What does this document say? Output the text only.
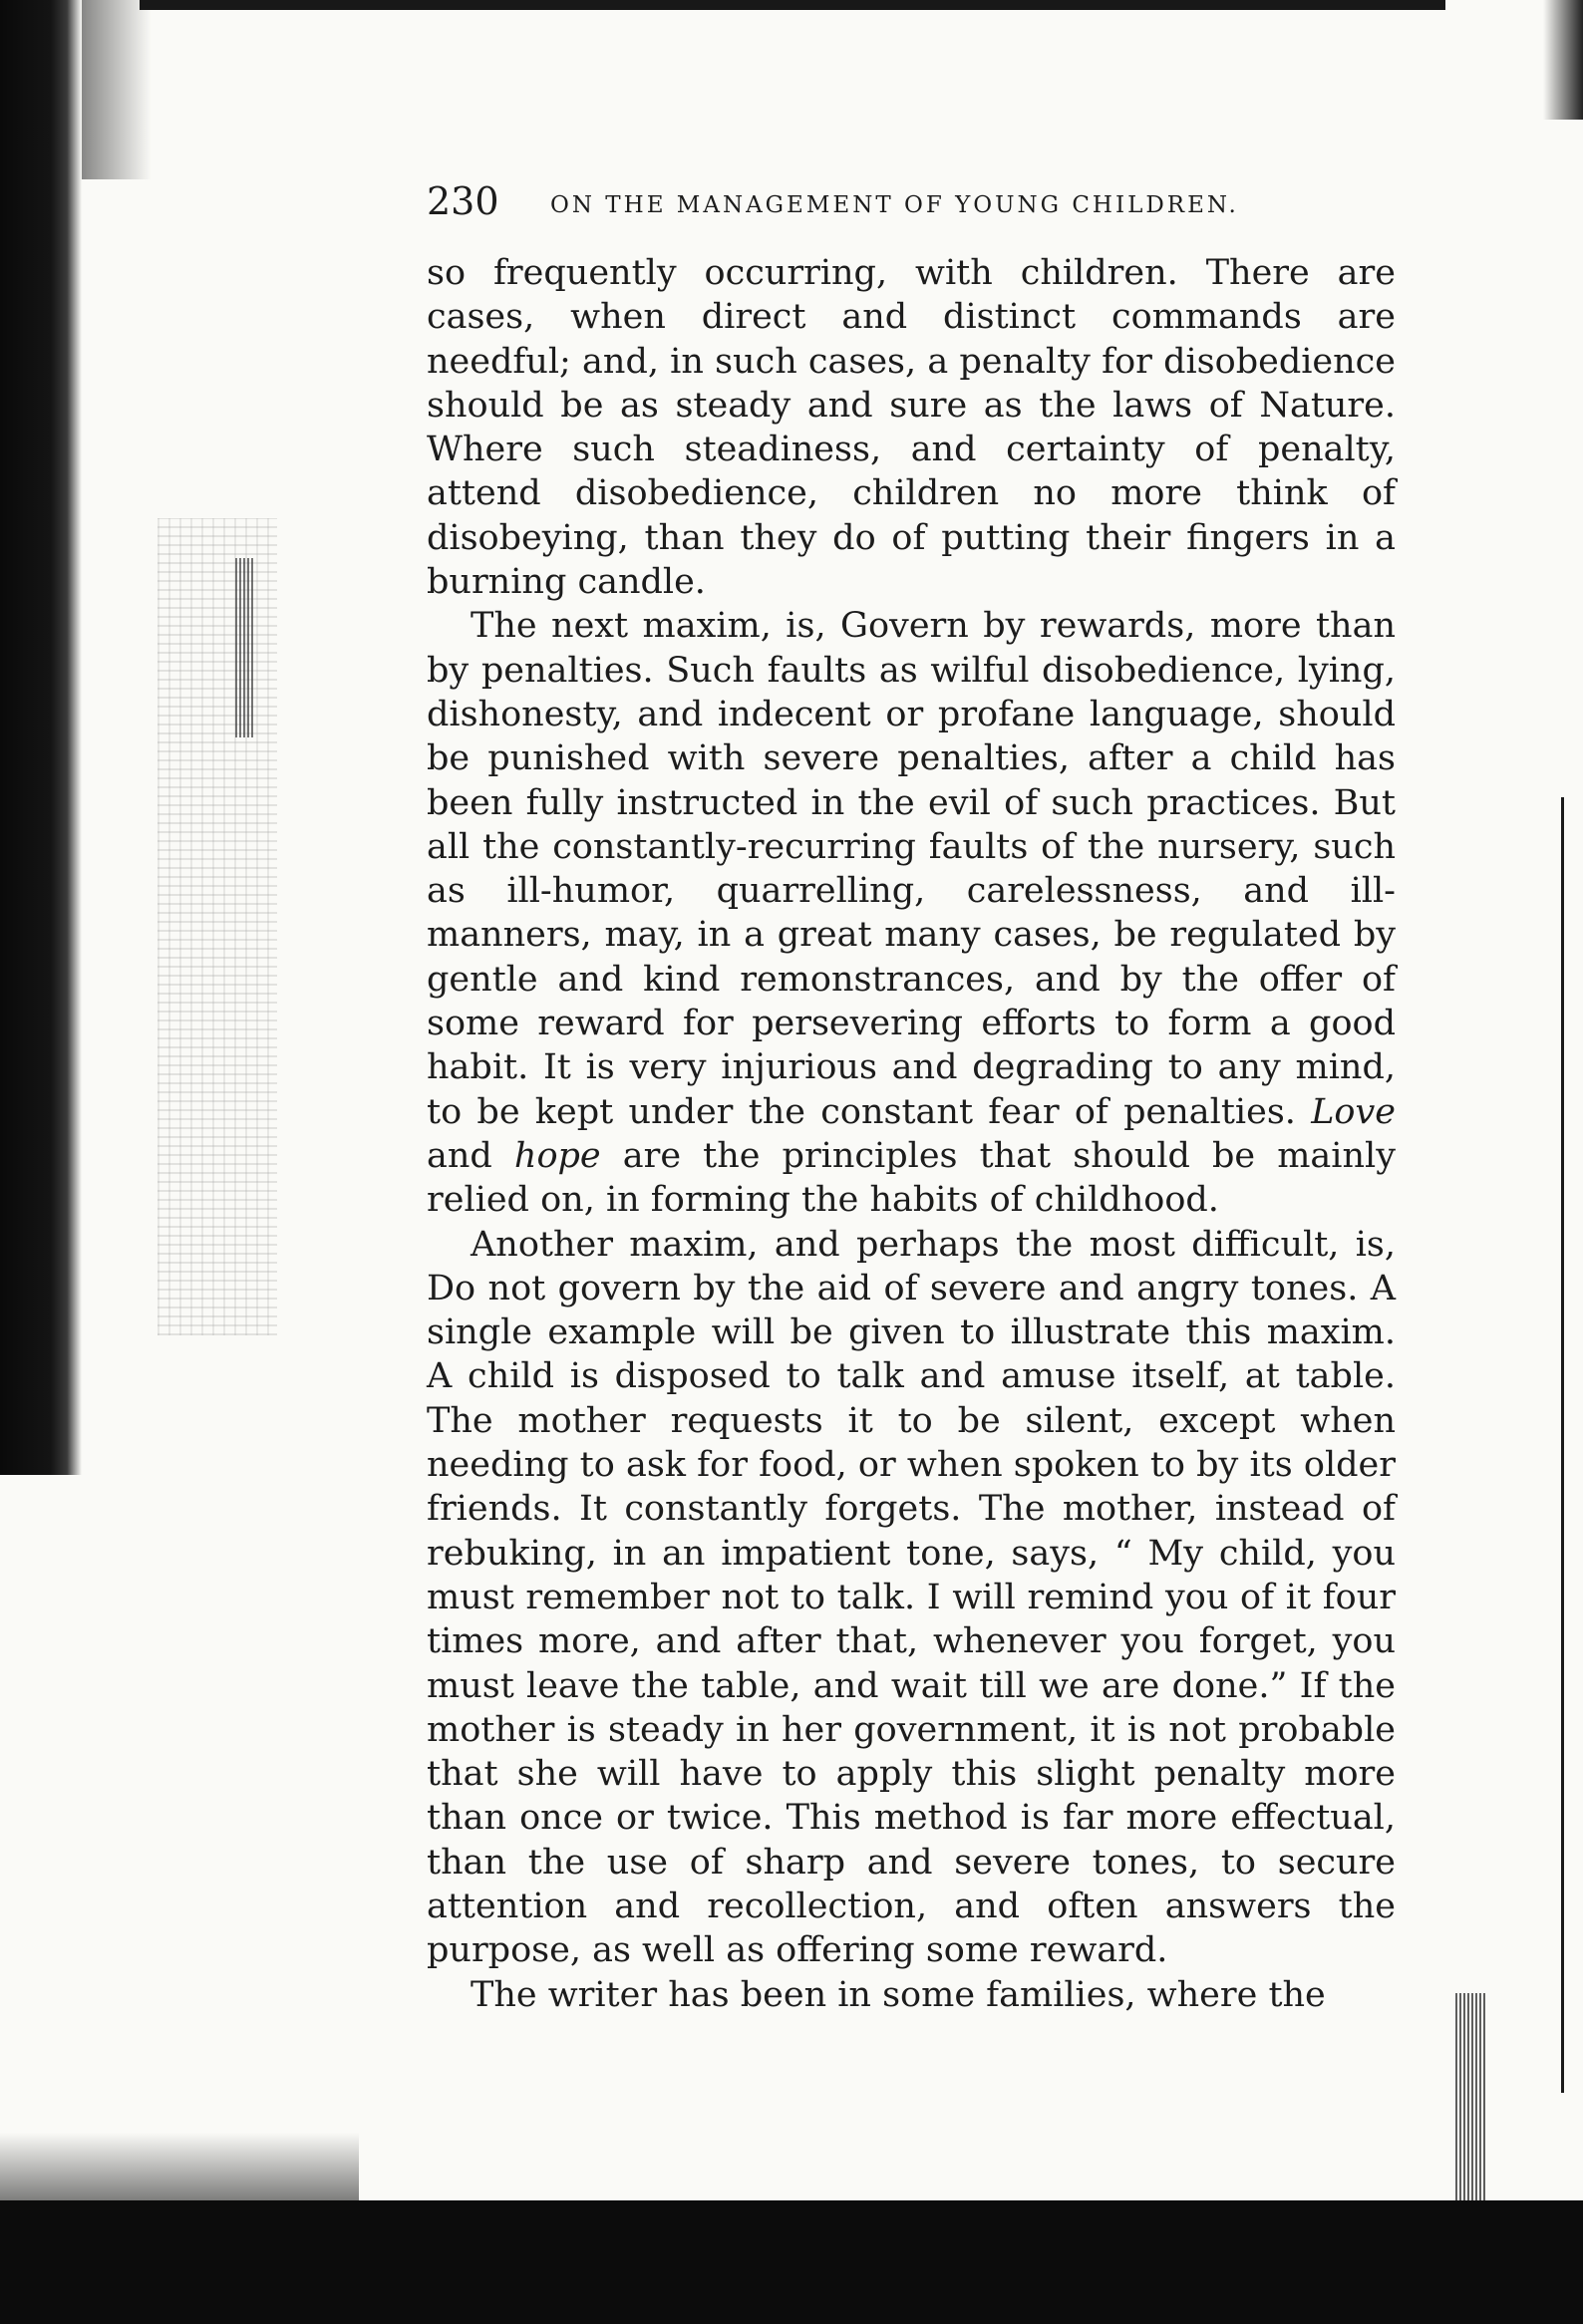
230 ON THE MANAGEMENT OF YOUNG CHILDREN.

so frequently occurring, with children. There are cases, when direct and distinct commands are needful; and, in such cases, a penalty for disobedience should be as steady and sure as the laws of Nature. Where such steadiness, and certainty of penalty, attend disobedience, children no more think of disobeying, than they do of putting their fingers in a burning candle.

The next maxim, is, Govern by rewards, more than by penalties. Such faults as wilful disobedience, lying, dishonesty, and indecent or profane language, should be punished with severe penalties, after a child has been fully instructed in the evil of such practices. But all the constantly-recurring faults of the nursery, such as ill-humor, quarrelling, carelessness, and ill-manners, may, in a great many cases, be regulated by gentle and kind remonstrances, and by the offer of some reward for persevering efforts to form a good habit. It is very injurious and degrading to any mind, to be kept under the constant fear of penalties. Love and hope are the principles that should be mainly relied on, in forming the habits of childhood.

Another maxim, and perhaps the most difficult, is, Do not govern by the aid of severe and angry tones. A single example will be given to illustrate this maxim. A child is disposed to talk and amuse itself, at table. The mother requests it to be silent, except when needing to ask for food, or when spoken to by its older friends. It constantly forgets. The mother, instead of rebuking, in an impatient tone, says, “ My child, you must remember not to talk. I will remind you of it four times more, and after that, whenever you forget, you must leave the table, and wait till we are done.” If the mother is steady in her government, it is not probable that she will have to apply this slight penalty more than once or twice. This method is far more effectual, than the use of sharp and severe tones, to secure attention and recollection, and often answers the purpose, as well as offering some reward.

The writer has been in some families, where the
